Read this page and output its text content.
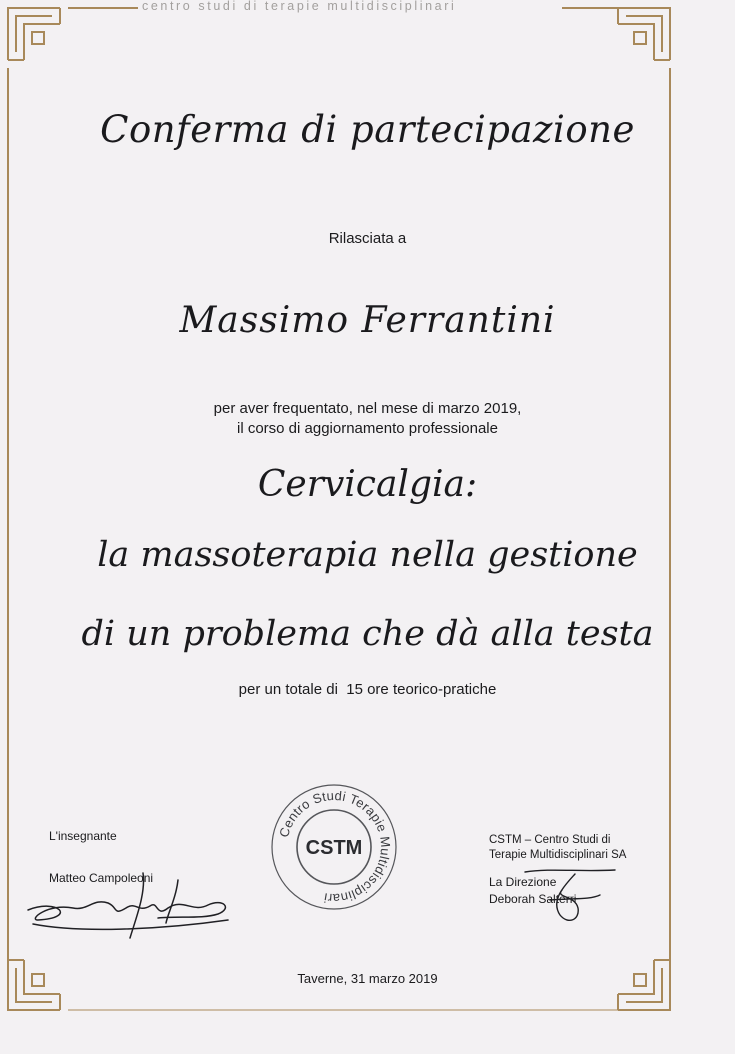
centro studi di terapie multidisciplinari
Conferma di partecipazione
Rilasciata a
Massimo Ferrantini
per aver frequentato, nel mese di marzo 2019,
il corso di aggiornamento professionale
Cervicalgia:
la massoterapia nella gestione
di un problema che dà alla testa
per un totale di  15 ore teorico-pratiche
Centro Studi Terapie Multidisciplinari
CSTM
L'insegnante
Matteo Campoleoni
CSTM – Centro Studi di
Terapie Multidisciplinari SA
La Direzione
Deborah Salterri
Taverne, 31 marzo 2019
